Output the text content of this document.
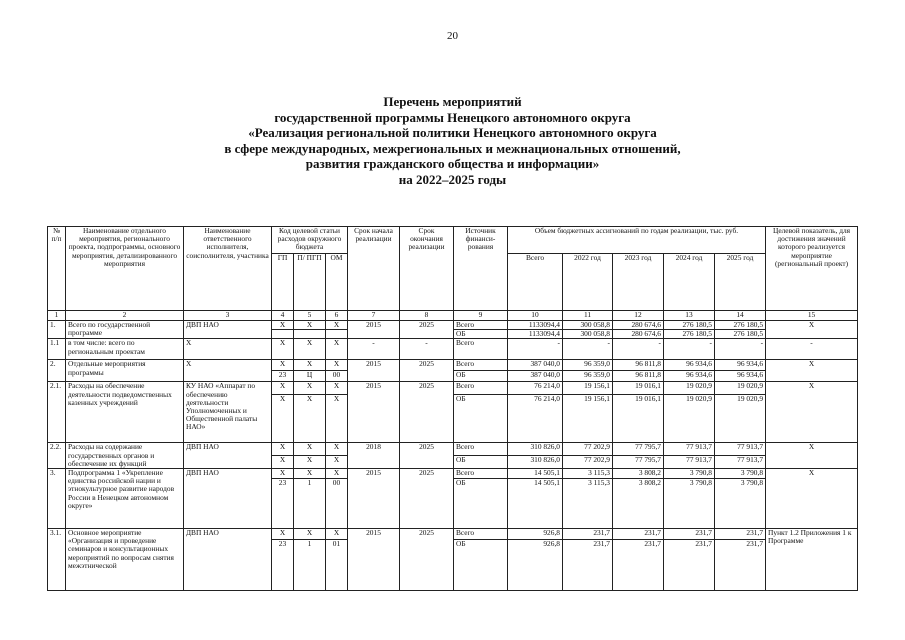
20
Перечень мероприятий
государственной программы Ненецкого автономного округа
«Реализация региональной политики Ненецкого автономного округа
в сфере международных, межрегиональных и межнациональных отношений,
развития гражданского общества и информации»
на 2022–2025 годы
№ п/п	Наименование отдельного мероприятия, регионального проекта, подпрограммы, основного мероприятия, детализированного мероприятия	Наименование ответственного исполнителя, соисполнителя, участника	Код целевой статьи расходов окружного бюджета			Срок начала реализации	Срок окончания реализации	Источник финанси-рования	Объем бюджетных ассигнований по годам реализации, тыс. руб.					Целевой показатель, для достижения значений которого реализуется мероприятие (региональный проект)
			ГП	П/ ПГП	ОМ				Всего	2022 год	2023 год	2024 год	2025 год	
1	2	3	4	5	6	7	8	9	10	11	12	13	14	15
1.	Всего по государственной программе	ДВП НАО	Х	Х	Х	2015	2025	Всего	1133094,4	300 058,8	280 674,6	276 180,5	276 180,5	Х
								ОБ	1133094,4	300 058,8	280 674,6	276 180,5	276 180,5	
1.1	в том числе: всего по региональным проектам	Х	Х	Х	Х	-	-	Всего	-	-	-	-	-	-
2.	Отдельные мероприятия программы	Х	Х	Х	Х	2015	2025	Всего	387 040,0	96 359,0	96 811,8	96 934,6	96 934,6	Х
			23	Ц	00			ОБ	387 040,0	96 359,0	96 811,8	96 934,6	96 934,6	
2.1.	Расходы на обеспечение деятельности подведомственных казенных учреждений	КУ НАО «Аппарат по обеспечению деятельности Уполномоченных и Общественной палаты НАО»	Х	Х	Х	2015	2025	Всего	76 214,0	19 156,1	19 016,1	19 020,9	19 020,9	Х
			Х	Х	Х			ОБ	76 214,0	19 156,1	19 016,1	19 020,9	19 020,9	
2.2.	Расходы на содержание государственных органов и обеспечение их функций	ДВП НАО	Х	Х	Х	2018	2025	Всего	310 826,0	77 202,9	77 795,7	77 913,7	77 913,7	Х
			Х	Х	Х			ОБ	310 826,0	77 202,9	77 795,7	77 913,7	77 913,7	
3.	Подпрограмма 1 «Укрепление единства российской нации и этнокультурное развитие народов России в Ненецком автономном округе»	ДВП НАО	Х	Х	Х	2015	2025	Всего	14 505,1	3 115,3	3 808,2	3 790,8	3 790,8	Х
			23	1	00			ОБ	14 505,1	3 115,3	3 808,2	3 790,8	3 790,8	
3.1.	Основное мероприятие «Организация и проведение семинаров и консультационных мероприятий по вопросам снятия межэтнической	ДВП НАО	Х	Х	Х	2015	2025	Всего	926,8	231,7	231,7	231,7	231,7	Пункт 1.2 Приложения 1 к Программе
			23	1	01			ОБ	926,8	231,7	231,7	231,7	231,7	
